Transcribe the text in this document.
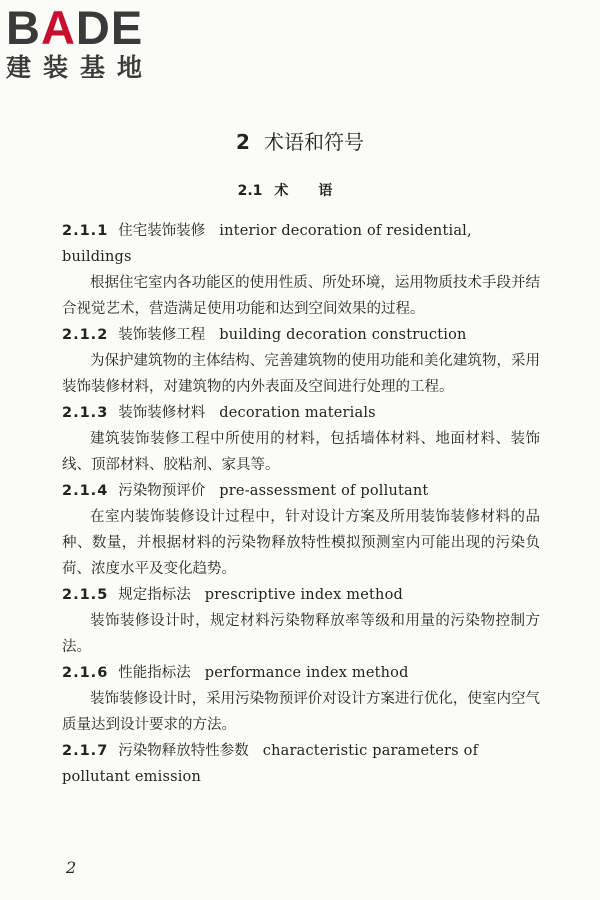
BADE
建装基地
2 术语和符号
2.1 术语

2.1.1 住宅装饰装修 interior decoration of residential, buildings

根据住宅室内各功能区的使用性质、所处环境，运用物质技术手段并结合视觉艺术，营造满足使用功能和达到空间效果的过程。

2.1.2 装饰装修工程 building decoration construction

为保护建筑物的主体结构、完善建筑物的使用功能和美化建筑物，采用装饰装修材料，对建筑物的内外表面及空间进行处理的工程。

2.1.3 装饰装修材料 decoration materials

建筑装饰装修工程中所使用的材料，包括墙体材料、地面材料、装饰线、顶部材料、胶粘剂、家具等。

2.1.4 污染物预评价 pre-assessment of pollutant

在室内装饰装修设计过程中，针对设计方案及所用装饰装修材料的品种、数量，并根据材料的污染物释放特性模拟预测室内可能出现的污染负荷、浓度水平及变化趋势。

2.1.5 规定指标法 prescriptive index method

装饰装修设计时，规定材料污染物释放率等级和用量的污染物控制方法。

2.1.6 性能指标法 performance index method

装饰装修设计时，采用污染物预评价对设计方案进行优化，使室内空气质量达到设计要求的方法。

2.1.7 污染物释放特性参数 characteristic parameters of pollutant emission

2
